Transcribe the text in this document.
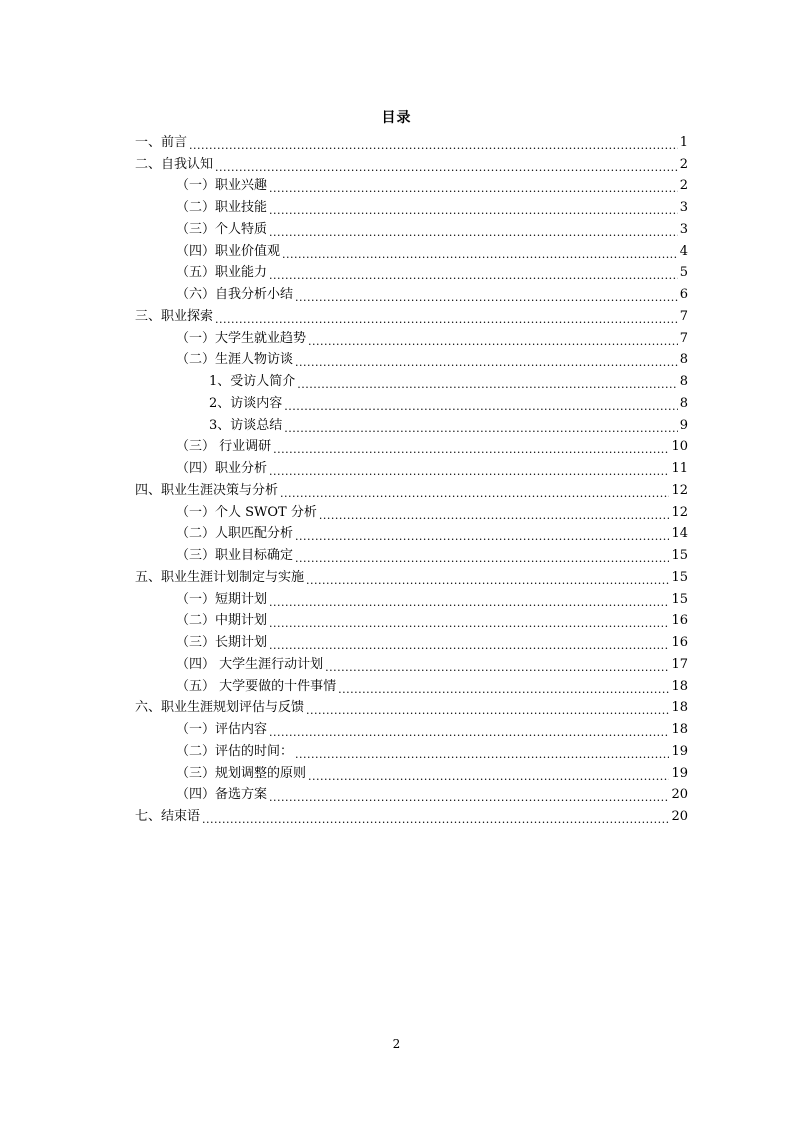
目录
一、前言 .....	1
二、自我认知 .....	2
（一）职业兴趣 .....	2
（二）职业技能 .....	3
（三）个人特质 .....	3
（四）职业价值观 .....	4
（五）职业能力 .....	5
（六）自我分析小结 .....	6
三、职业探索 .....	7
（一）大学生就业趋势 .....	7
（二）生涯人物访谈 .....	8
1、受访人简介 .....	8
2、访谈内容 .....	8
3、访谈总结 .....	9
（三） 行业调研 .....	10
（四）职业分析 .....	11
四、职业生涯决策与分析 .....	12
（一）个人 SWOT 分析 .....	12
（二）人职匹配分析 .....	14
（三）职业目标确定 .....	15
五、职业生涯计划制定与实施 .....	15
（一）短期计划 .....	15
（二）中期计划 .....	16
（三）长期计划 .....	16
（四） 大学生涯行动计划 .....	17
（五） 大学要做的十件事情 .....	18
六、职业生涯规划评估与反馈 .....	18
（一）评估内容 .....	18
（二）评估的时间： .....	19
（三）规划调整的原则 .....	19
（四）备选方案 .....	20
七、结束语 .....	20
2
